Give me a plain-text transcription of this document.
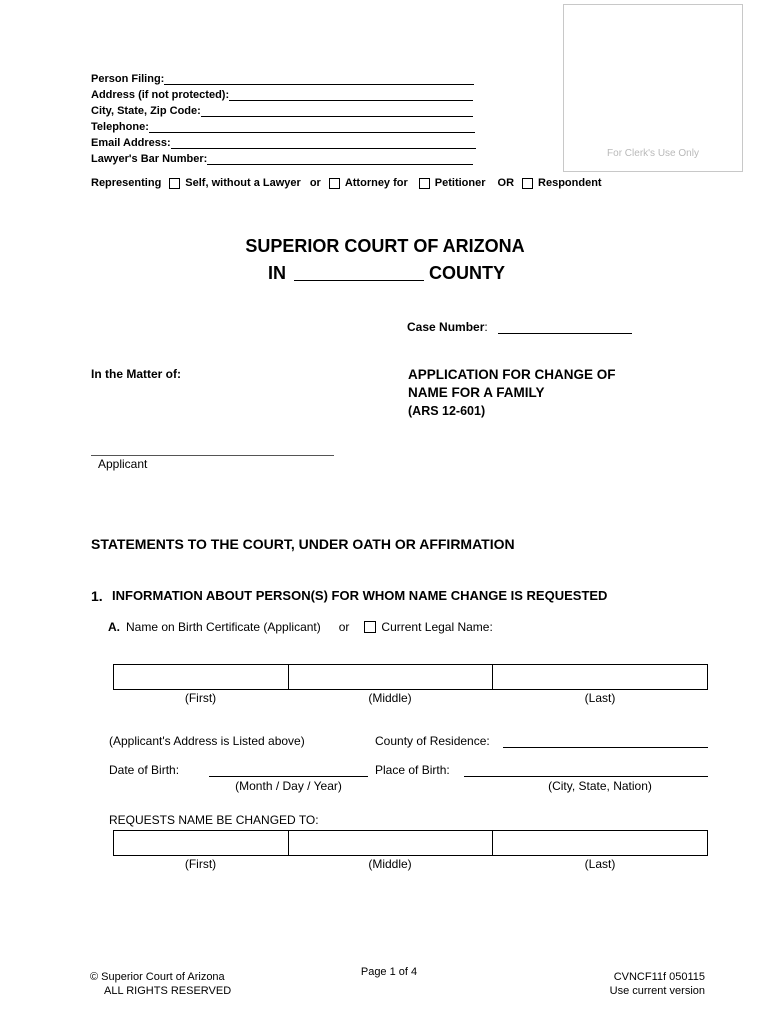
For Clerk's Use Only
Person Filing:
Address (if not protected):
City, State, Zip Code:
Telephone:
Email Address:
Lawyer's Bar Number:
Representing Self, without a Lawyer or Attorney for Petitioner OR Respondent
SUPERIOR COURT OF ARIZONA
IN	COUNTY
Case Number :
In the Matter of:	APPLICATION FOR CHANGE OF
NAME FOR A FAMILY
(ARS 12-601)
Applicant
STATEMENTS TO THE COURT, UNDER OATH OR AFFIRMATION
1. INFORMATION ABOUT PERSON(S) FOR WHOM NAME CHANGE IS REQUESTED
A. Name on Birth Certificate (Applicant) or	Current Legal Name:
(First)	(Middle)	(Last)
(Applicant's Address is Listed above)	County of Residence:
Date of Birth:
(Month / Day / Year)
Place of Birth:
(City, State, Nation)
REQUESTS NAME BE CHANGED TO:
(First)	(Middle)	(Last)
© Superior Court of Arizona
ALL RIGHTS RESERVED
Page 1 of 4	CVNCF11f 050115
Use current version
